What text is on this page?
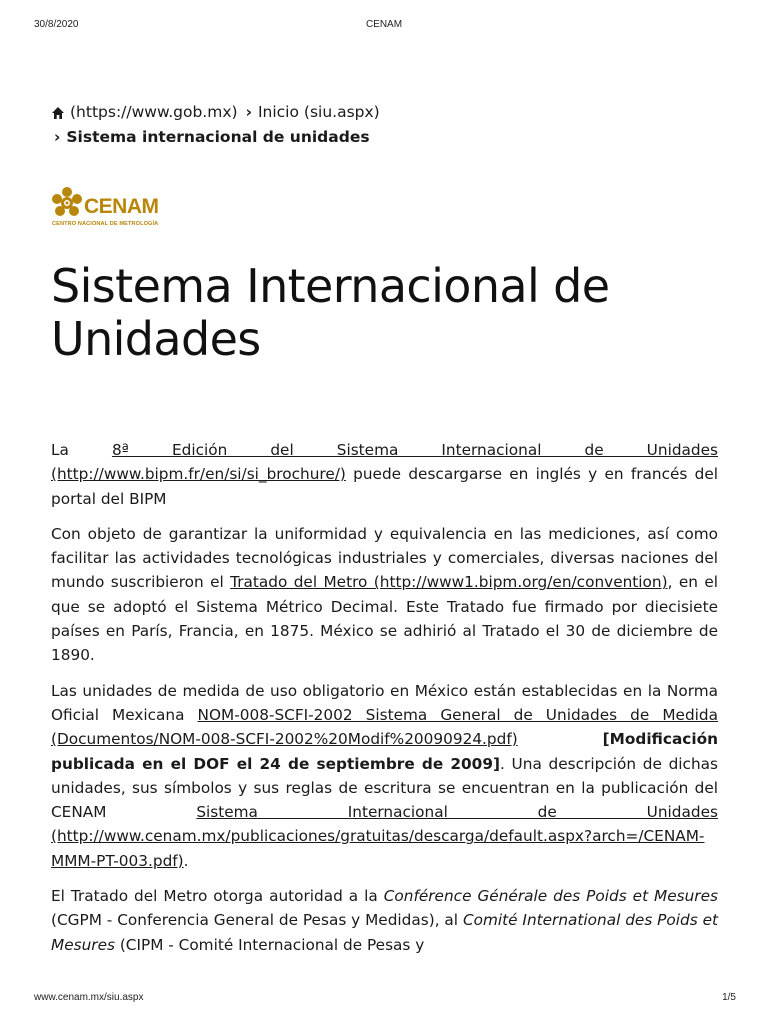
30/8/2020	CENAM
(https://www.gob.mx) › Inicio (siu.aspx)
› Sistema internacional de unidades
CENAM
CENTRO NACIONAL DE METROLOGÍA
Sistema Internacional de Unidades

La 8ª Edición del Sistema Internacional de Unidades (http://www.bipm.fr/en/si/si_brochure/) puede descargarse en inglés y en francés del portal del BIPM

Con objeto de garantizar la uniformidad y equivalencia en las mediciones, así como facilitar las actividades tecnológicas industriales y comerciales, diversas naciones del mundo suscribieron el Tratado del Metro (http://www1.bipm.org/en/convention), en el que se adoptó el Sistema Métrico Decimal. Este Tratado fue firmado por diecisiete países en París, Francia, en 1875. México se adhirió al Tratado el 30 de diciembre de 1890.

Las unidades de medida de uso obligatorio en México están establecidas en la Norma Oficial Mexicana NOM-008-SCFI-2002 Sistema General de Unidades de Medida (Documentos/NOM-008-SCFI-2002%20Modif%20090924.pdf)	[Modificación publicada en el DOF el 24 de septiembre de 2009]. Una descripción de dichas unidades, sus símbolos y sus reglas de escritura se encuentran en la publicación del CENAM Sistema Internacional de Unidades (http://www.cenam.mx/publicaciones/gratuitas/descarga/default.aspx?arch=/CENAM-MMM-PT-003.pdf).

El Tratado del Metro otorga autoridad a la Conférence Générale des Poids et Mesures (CGPM - Conferencia General de Pesas y Medidas), al Comité International des Poids et Mesures (CIPM - Comité Internacional de Pesas y

www.cenam.mx/siu.aspx	1/5
